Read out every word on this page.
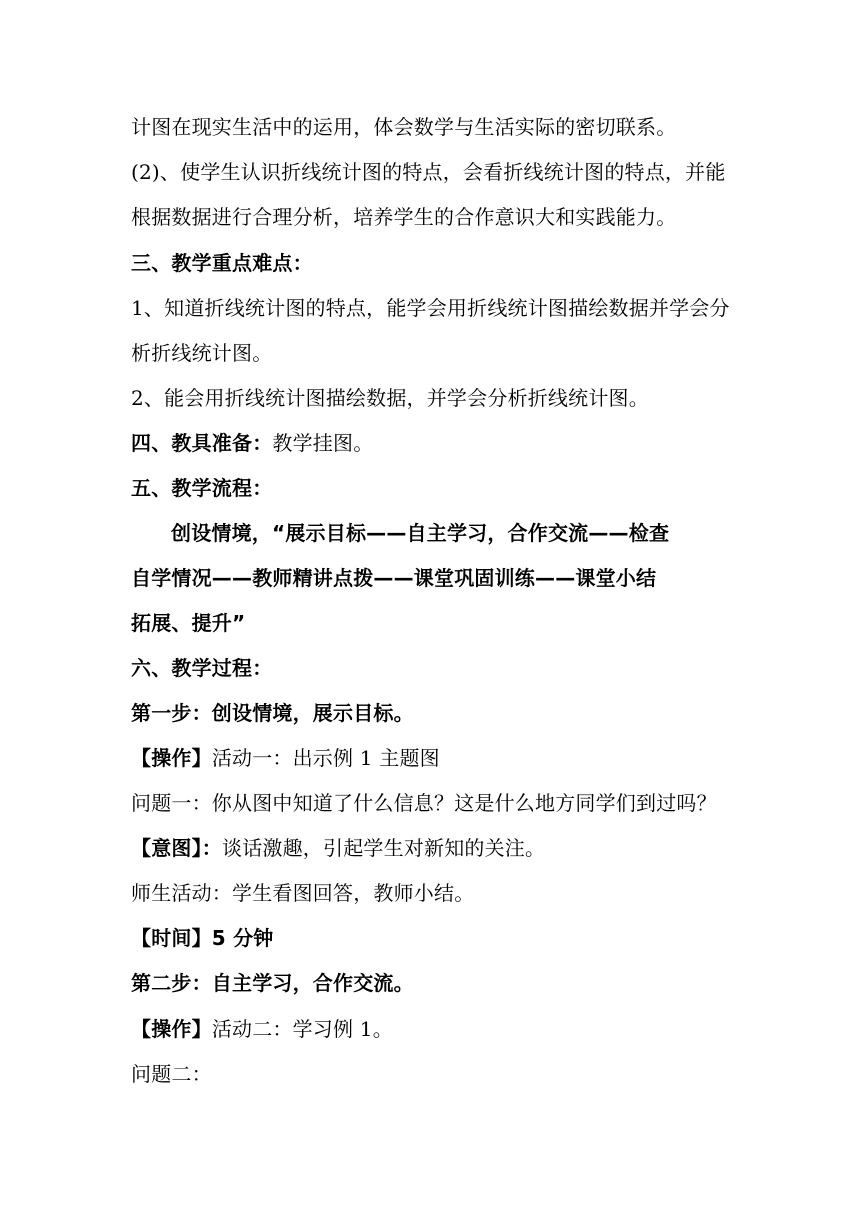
计图在现实生活中的运用，体会数学与生活实际的密切联系。
(2)、使学生认识折线统计图的特点，会看折线统计图的特点，并能
根据数据进行合理分析，培养学生的合作意识大和实践能力。
三、教学重点难点：
1、知道折线统计图的特点，能学会用折线统计图描绘数据并学会分
析折线统计图。
2、能会用折线统计图描绘数据，并学会分析折线统计图。
四、教具准备：教学挂图。
五、教学流程：
创设情境，“展示目标——自主学习，合作交流——检查
自学情况——教师精讲点拨——课堂巩固训练——课堂小结
拓展、提升”
六、教学过程：
第一步：创设情境，展示目标。
【操作】活动一：出示例 1 主题图
问题一：你从图中知道了什么信息？这是什么地方同学们到过吗？
【意图】：谈话激趣，引起学生对新知的关注。
师生活动：学生看图回答，教师小结。
【时间】5 分钟
第二步：自主学习，合作交流。
【操作】活动二：学习例 1。
问题二：
